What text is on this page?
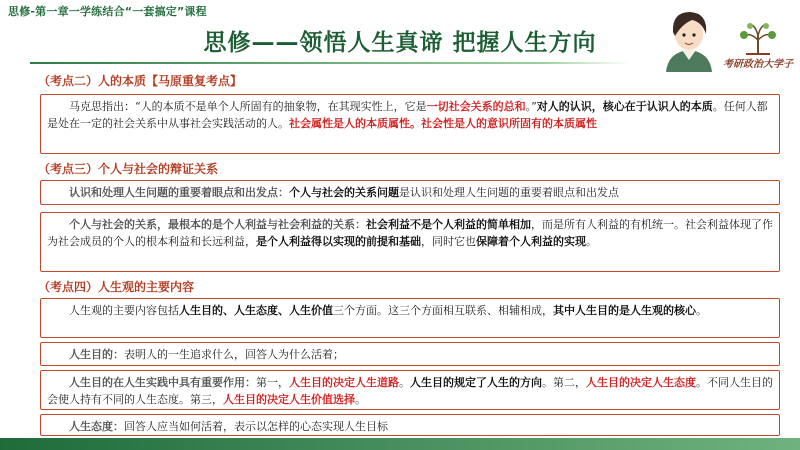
思修-第一章一学练结合“一套搞定”课程
思修——领悟人生真谛 把握人生方向
考研政治大学子
（考点二）人的本质【马原重复考点】
马克思指出：“人的本质不是单个人所固有的抽象物，在其现实性上，它是一切社会关系的总和。”对人的认识，核心在于认识人的本质。任何人都是处在一定的社会关系中从事社会实践活动的人。社会属性是人的本质属性。社会性是人的意识所固有的本质属性
（考点三）个人与社会的辩证关系
认识和处理人生问题的重要着眼点和出发点：个人与社会的关系问题是认识和处理人生问题的重要着眼点和出发点
个人与社会的关系，最根本的是个人利益与社会利益的关系：社会利益不是个人利益的简单相加，而是所有人利益的有机统一。社会利益体现了作为社会成员的个人的根本利益和长远利益，是个人利益得以实现的前提和基础，同时它也保障着个人利益的实现。
（考点四）人生观的主要内容
人生观的主要内容包括人生目的、人生态度、人生价值三个方面。这三个方面相互联系、相辅相成，其中人生目的是人生观的核心。
人生目的：表明人的一生追求什么，回答人为什么活着；
人生目的在人生实践中具有重要作用：第一，人生目的决定人生道路。人生目的规定了人生的方向。第二，人生目的决定人生态度。不同人生目的会使人持有不同的人生态度。第三，人生目的决定人生价值选择。
人生态度：回答人应当如何活着，表示以怎样的心态实现人生目标
